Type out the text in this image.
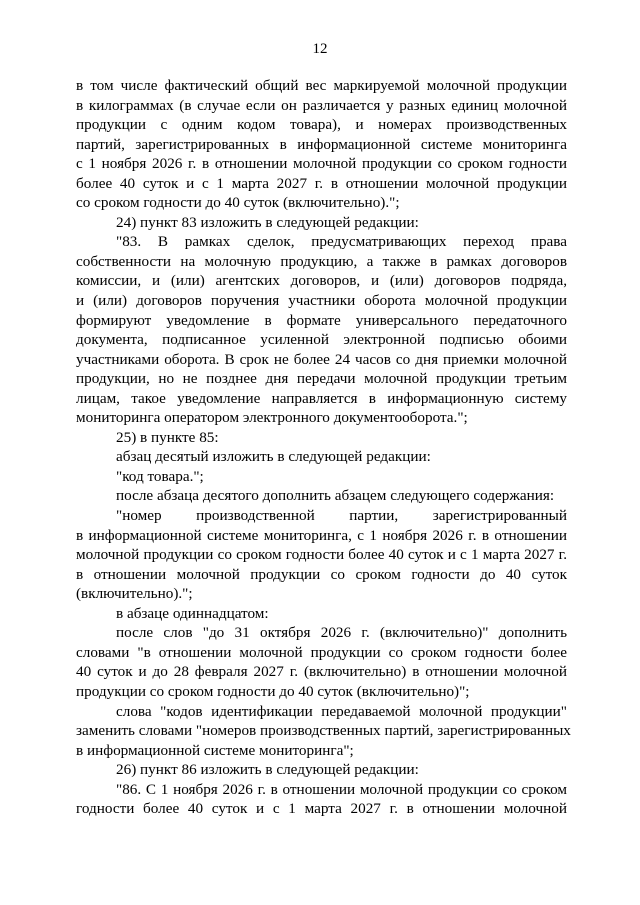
12
в том числе фактический общий вес маркируемой молочной продукции
в килограммах (в случае если он различается у разных единиц молочной
продукции с одним кодом товара), и номерах производственных
партий, зарегистрированных в информационной системе мониторинга
с 1 ноября 2026 г. в отношении молочной продукции со сроком годности
более 40 суток и с 1 марта 2027 г. в отношении молочной продукции
со сроком годности до 40 суток (включительно).";
24) пункт 83 изложить в следующей редакции:
"83. В рамках сделок, предусматривающих переход права
собственности на молочную продукцию, а также в рамках договоров
комиссии, и (или) агентских договоров, и (или) договоров подряда,
и (или) договоров поручения участники оборота молочной продукции
формируют уведомление в формате универсального передаточного
документа, подписанное усиленной электронной подписью обоими
участниками оборота. В срок не более 24 часов со дня приемки молочной
продукции, но не позднее дня передачи молочной продукции третьим
лицам, такое уведомление направляется в информационную систему
мониторинга оператором электронного документооборота.";
25) в пункте 85:
абзац десятый изложить в следующей редакции:
"код товара.";
после абзаца десятого дополнить абзацем следующего содержания:
"номер производственной партии, зарегистрированный
в информационной системе мониторинга, с 1 ноября 2026 г. в отношении
молочной продукции со сроком годности более 40 суток и с 1 марта 2027 г.
в отношении молочной продукции со сроком годности до 40 суток
(включительно).";
в абзаце одиннадцатом:
после слов "до 31 октября 2026 г. (включительно)" дополнить
словами "в отношении молочной продукции со сроком годности более
40 суток и до 28 февраля 2027 г. (включительно) в отношении молочной
продукции со сроком годности до 40 суток (включительно)";
слова "кодов идентификации передаваемой молочной продукции"
заменить словами "номеров производственных партий, зарегистрированных
в информационной системе мониторинга";
26) пункт 86 изложить в следующей редакции:
"86. С 1 ноября 2026 г. в отношении молочной продукции со сроком
годности более 40 суток и с 1 марта 2027 г. в отношении молочной
